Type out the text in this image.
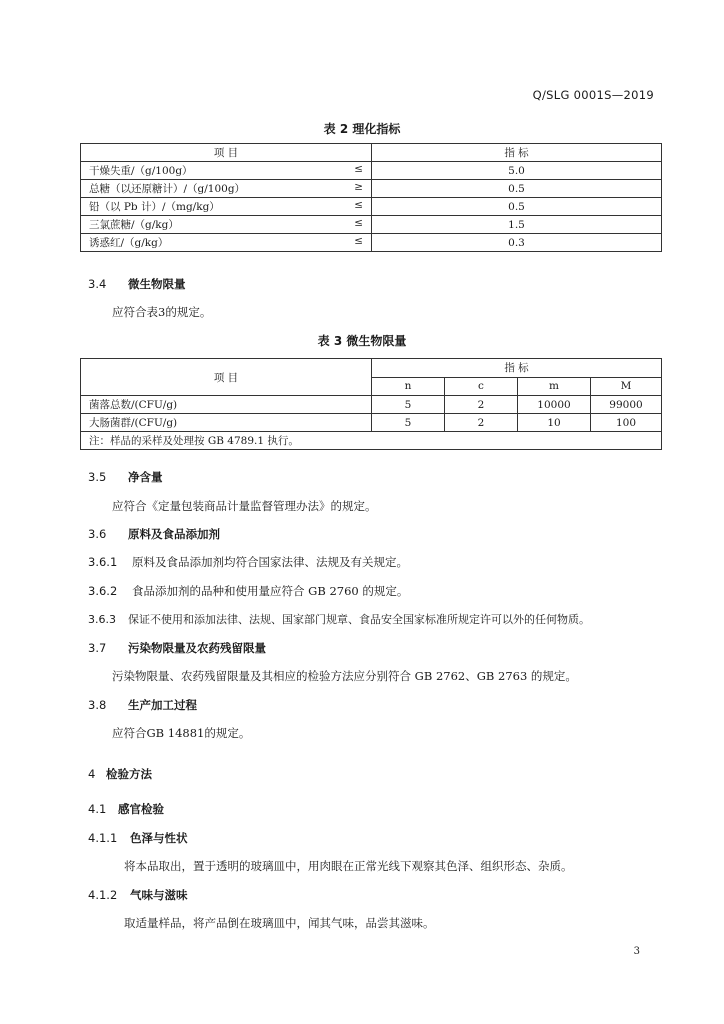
Q/SLG 0001S—2019
表 2 理化指标
项 目	指 标
干燥失重/（g/100g） ≤	5.0
总糖（以还原糖计）/（g/100g） ≥	0.5
铅（以 Pb 计）/（mg/kg） ≤	0.5
三氯蔗糖/（g/kg） ≤	1.5
诱惑红/（g/kg） ≤	0.3
3.4 微生物限量
应符合表3的规定。
表 3 微生物限量
项 目	指 标			
	n	c	m	M
菌落总数/(CFU/g)	5	2	10000	99000
大肠菌群/(CFU/g)	5	2	10	100
注：样品的采样及处理按 GB 4789.1 执行。				
3.5 净含量
应符合《定量包装商品计量监督管理办法》的规定。
3.6 原料及食品添加剂
3.6.1 原料及食品添加剂均符合国家法律、法规及有关规定。
3.6.2 食品添加剂的品种和使用量应符合 GB 2760 的规定。
3.6.3 保证不使用和添加法律、法规、国家部门规章、食品安全国家标准所规定许可以外的任何物质。
3.7 污染物限量及农药残留限量
污染物限量、农药残留限量及其相应的检验方法应分别符合 GB 2762、GB 2763 的规定。
3.8 生产加工过程
应符合GB 14881的规定。
4 检验方法
4.1 感官检验
4.1.1 色泽与性状
将本品取出，置于透明的玻璃皿中，用肉眼在正常光线下观察其色泽、组织形态、杂质。
4.1.2 气味与滋味
取适量样品，将产品倒在玻璃皿中，闻其气味，品尝其滋味。
3
